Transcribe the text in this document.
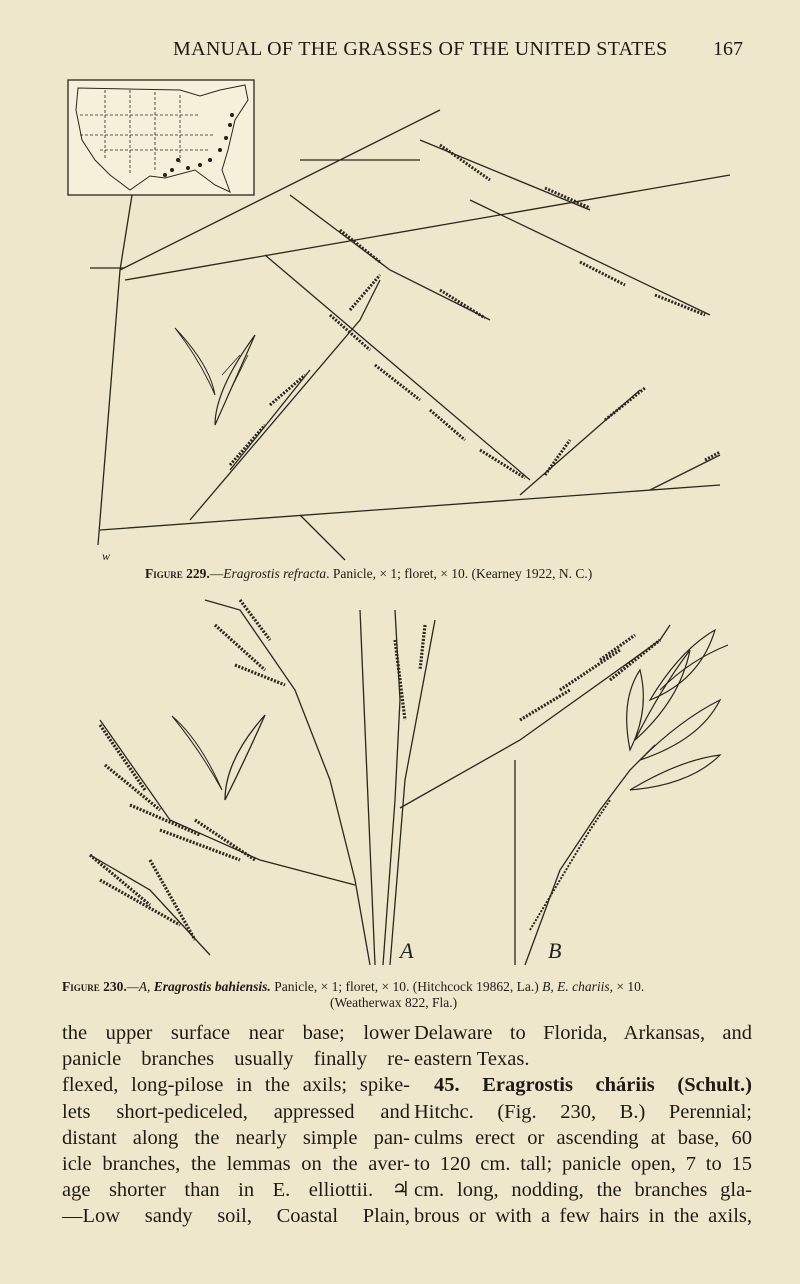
MANUAL OF THE GRASSES OF THE UNITED STATES 167
w
Figure 229.—Eragrostis refracta. Panicle, × 1; floret, × 10. (Kearney 1922, N. C.)
A	B
Figure 230.—A, Eragrostis bahiensis. Panicle, × 1; floret, × 10. (Hitchcock 19862, La.) B, E. chariis, × 10.
(Weatherwax 822, Fla.)
the upper surface near base; lower
panicle branches usually finally re-
flexed, long-pilose in the axils; spike-
lets short-pediceled, appressed and
distant along the nearly simple pan-
icle branches, the lemmas on the aver-
age shorter than in E. elliottii. ♃
—Low sandy soil, Coastal Plain,
Delaware to Florida, Arkansas, and
eastern Texas.
45. Eragrostis cháriis (Schult.)
Hitchc. (Fig. 230, B.) Perennial;
culms erect or ascending at base, 60
to 120 cm. tall; panicle open, 7 to 15
cm. long, nodding, the branches gla-
brous or with a few hairs in the axils,
